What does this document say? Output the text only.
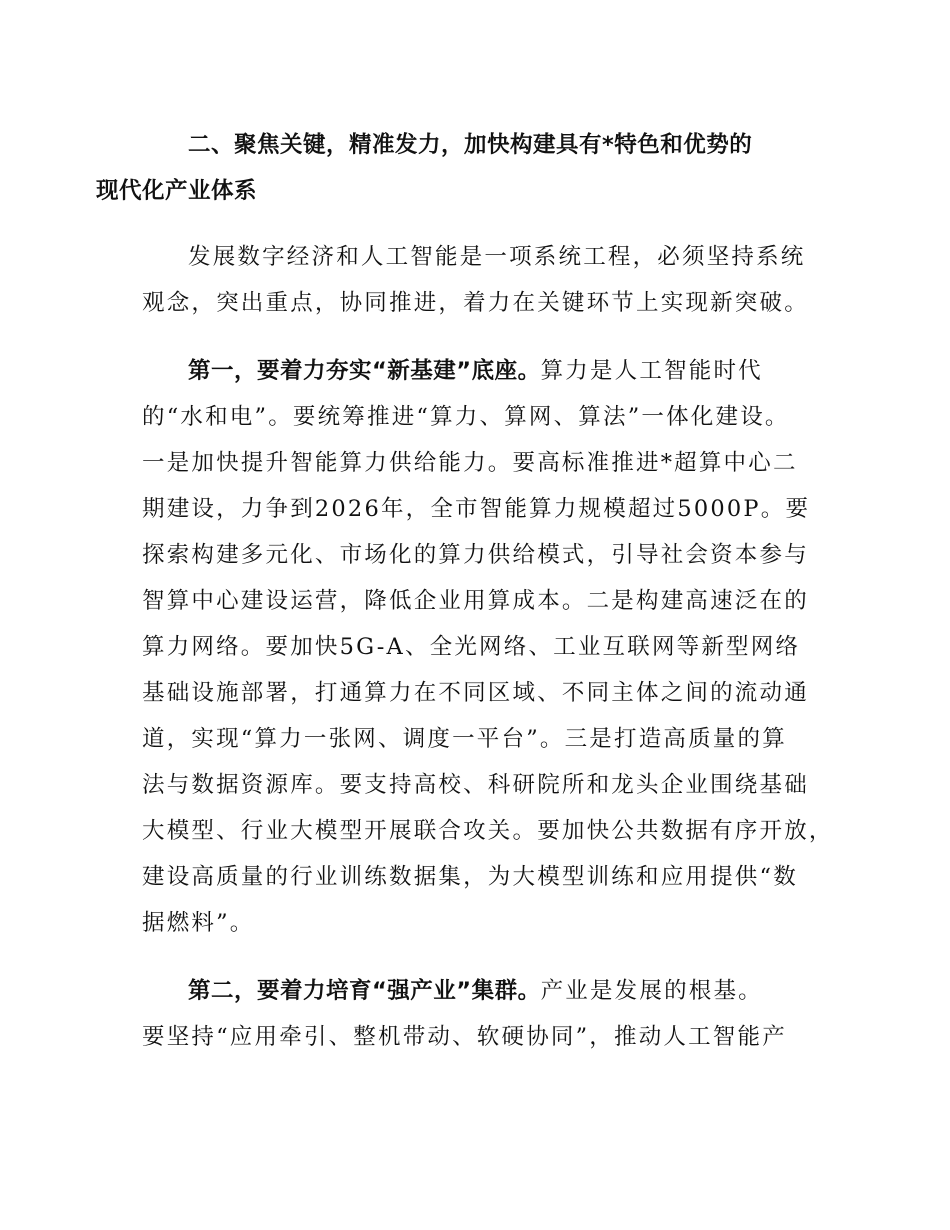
二、聚焦关键，精准发力，加快构建具有*特色和优势的
现代化产业体系
发展数字经济和人工智能是一项系统工程，必须坚持系统
观念，突出重点，协同推进，着力在关键环节上实现新突破。
第一，要着力夯实“新基建”底座。算力是人工智能时代
的“水和电”。要统筹推进“算力、算网、算法”一体化建设。
一是加快提升智能算力供给能力。要高标准推进*超算中心二
期建设，力争到2026年，全市智能算力规模超过5000P。要
探索构建多元化、市场化的算力供给模式，引导社会资本参与
智算中心建设运营，降低企业用算成本。二是构建高速泛在的
算力网络。要加快5G-A、全光网络、工业互联网等新型网络
基础设施部署，打通算力在不同区域、不同主体之间的流动通
道，实现“算力一张网、调度一平台”。三是打造高质量的算
法与数据资源库。要支持高校、科研院所和龙头企业围绕基础
大模型、行业大模型开展联合攻关。要加快公共数据有序开放，
建设高质量的行业训练数据集，为大模型训练和应用提供“数
据燃料”。
第二，要着力培育“强产业”集群。产业是发展的根基。
要坚持“应用牵引、整机带动、软硬协同”，推动人工智能产
